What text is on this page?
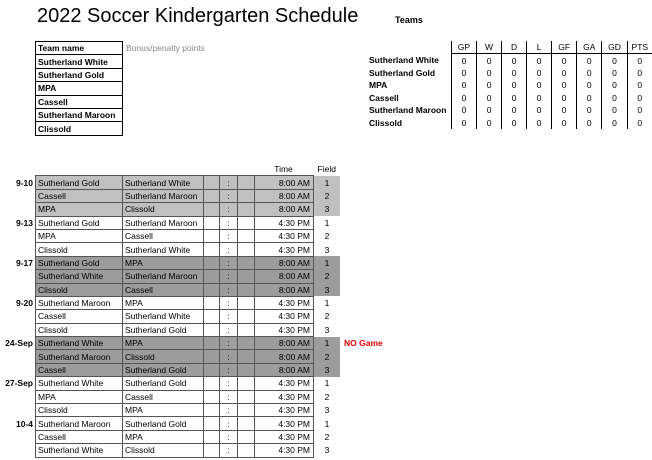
2022 Soccer Kindergarten Schedule	Teams
Team name	Bonus/penalty points
Sutherland White	
Sutherland Gold	
MPA	
Cassell	
Sutherland Maroon	
Clissold	
	GP	W	D	L	GF	GA	GD	PTS
Sutherland White	0	0	0	0	0	0	0	0
Sutherland Gold	0	0	0	0	0	0	0	0
MPA	0	0	0	0	0	0	0	0
Cassell	0	0	0	0	0	0	0	0
Sutherland Maroon	0	0	0	0	0	0	0	0
Clissold	0	0	0	0	0	0	0	0
						Time	Field	
9-10	Sutherland Gold	Sutherland White		:		8:00 AM	1	
	Cassell	Sutherland Maroon		:		8:00 AM	2	
	MPA	Clissold		:		8:00 AM	3	
9-13	Sutherland Gold	Sutherland Maroon		:		4:30 PM	1	
	MPA	Cassell		:		4:30 PM	2	
	Clissold	Sutherland White		:		4:30 PM	3	
9-17	Sutherland Gold	MPA		:		8:00 AM	1	
	Sutherland White	Sutherland Maroon		:		8:00 AM	2	
	Clissold	Cassell		:		8:00 AM	3	
9-20	Sutherland Maroon	MPA		:		4:30 PM	1	
	Cassell	Sutherland White		:		4:30 PM	2	
	Clissold	Sutherland Gold		:		4:30 PM	3	
24-Sep	Sutherland White	MPA		:		8:00 AM	1	NO Game
	Sutherland Maroon	Clissold		:		8:00 AM	2	
	Cassell	Sutherland Gold		:		8:00 AM	3	
27-Sep	Sutherland White	Sutherland Gold		:		4:30 PM	1	
	MPA	Cassell		:		4:30 PM	2	
	Clissold	MPA		:		4:30 PM	3	
10-4	Sutherland Maroon	Sutherland Gold		:		4:30 PM	1	
	Cassell	MPA		:		4:30 PM	2	
	Sutherland White	Clissold		:		4:30 PM	3	
